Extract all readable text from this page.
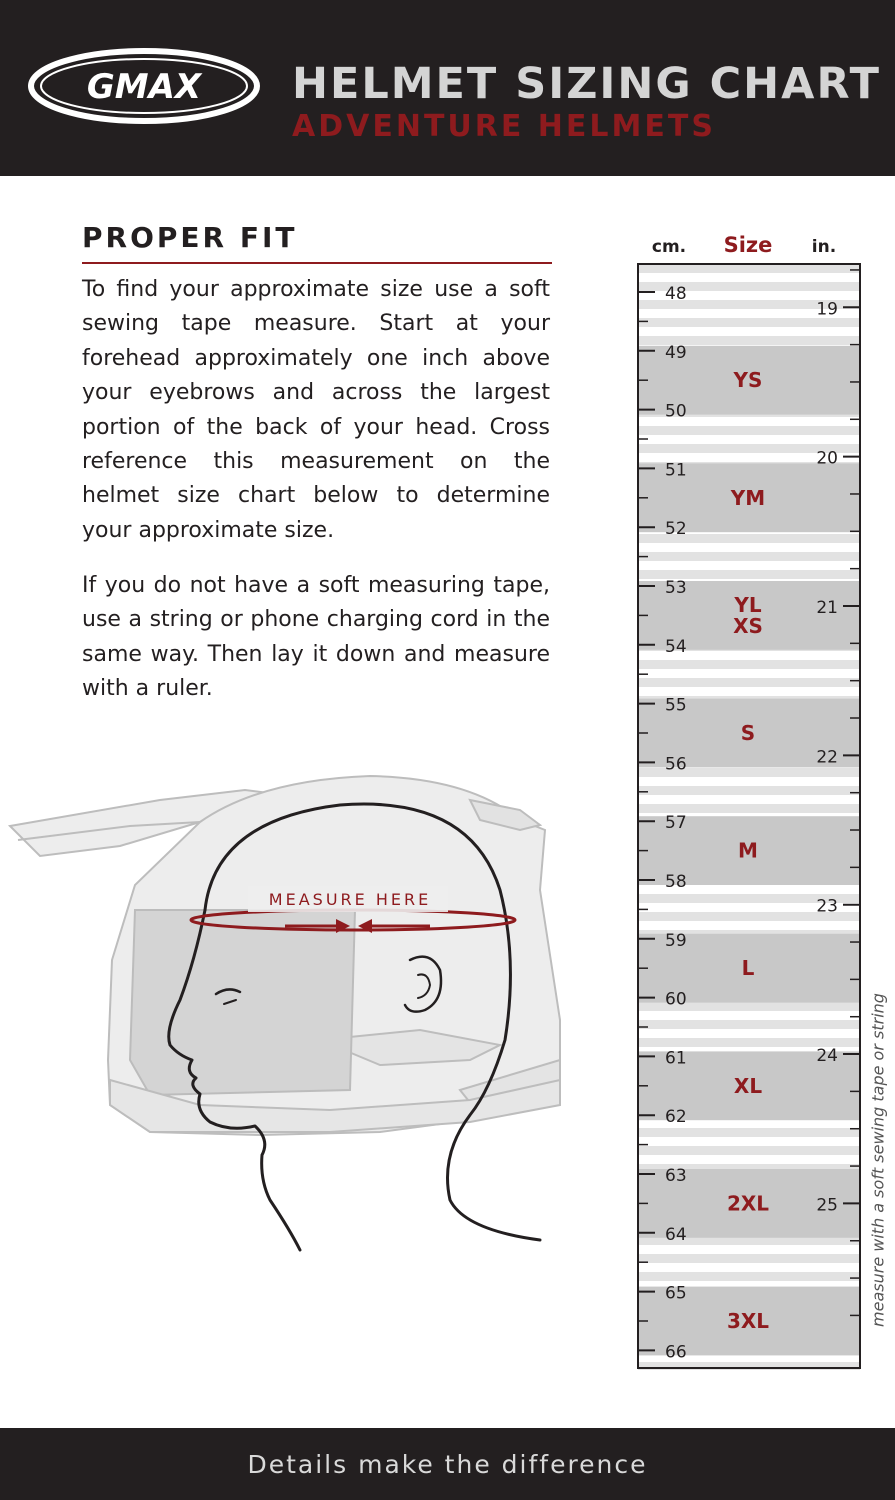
GMAX HELMET SIZING CHART
ADVENTURE HELMETS
PROPER FIT

To find your approximate size use a soft sewing tape measure. Start at your forehead approximately one inch above your eyebrows and across the largest portion of the back of your head. Cross reference this measurement on the helmet size chart below to determine your approximate size.

If you do not have a soft measuring tape, use a string or phone charging cord in the same way. Then lay it down and measure with a ruler.

MEASURE HERE
cm. Size in.
YS
YM
YL
XS
S
M
L
XL
2XL
3XL
48
49
50
51
52
53
54
55
56
57
58
59
60
61
62
63
64
65
66
19
20
21
22
23
24
25 measure with a soft sewing tape or string
Details make the difference
